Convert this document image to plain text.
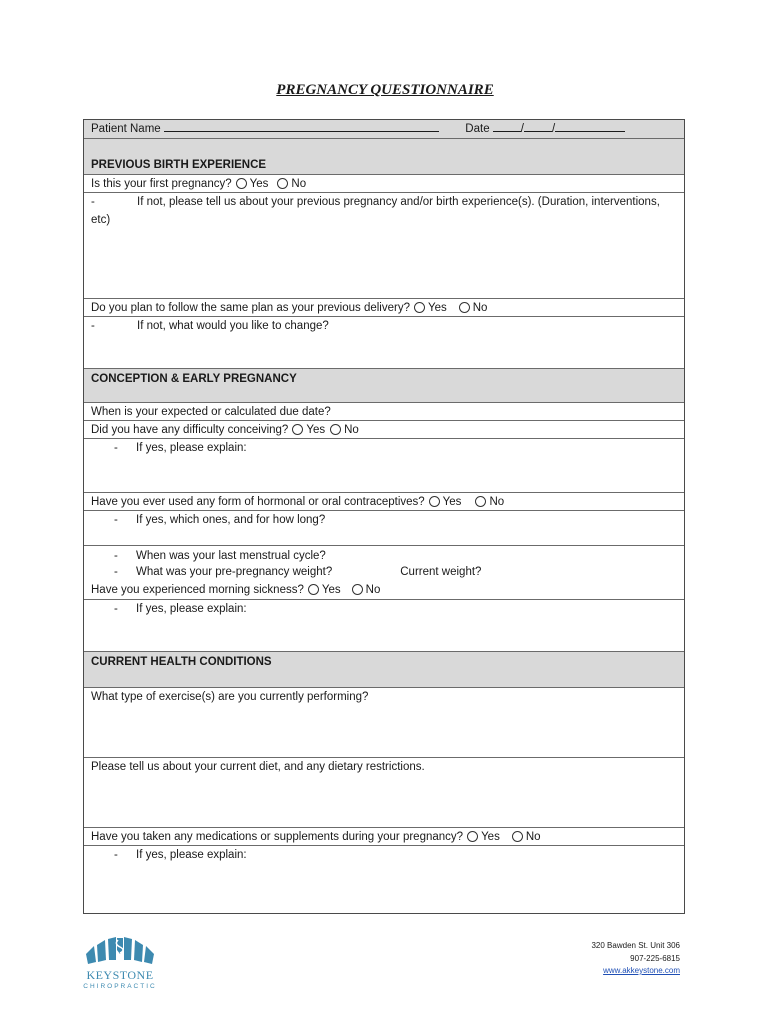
PREGNANCY QUESTIONNAIRE
Patient Name	Date	/ /
PREVIOUS BIRTH EXPERIENCE
Is this your first pregnancy? Yes No
-	If not, please tell us about your previous pregnancy and/or birth experience(s). (Duration, interventions, etc)
Do you plan to follow the same plan as your previous delivery? Yes No
-	If not, what would you like to change?
CONCEPTION & EARLY PREGNANCY
When is your expected or calculated due date?
Did you have any difficulty conceiving? Yes No
- If yes, please explain:
Have you ever used any form of hormonal or oral contraceptives? Yes No
- If yes, which ones, and for how long?
- When was your last menstrual cycle?
- What was your pre-pregnancy weight?	Current weight?
Have you experienced morning sickness? Yes No
- If yes, please explain:
CURRENT HEALTH CONDITIONS
What type of exercise(s) are you currently performing?
Please tell us about your current diet, and any dietary restrictions.
Have you taken any medications or supplements during your pregnancy? Yes No
- If yes, please explain:
KEYSTONE
CHIROPRACTIC
320 Bawden St. Unit 306
907-225-6815
www.akkeystone.com
